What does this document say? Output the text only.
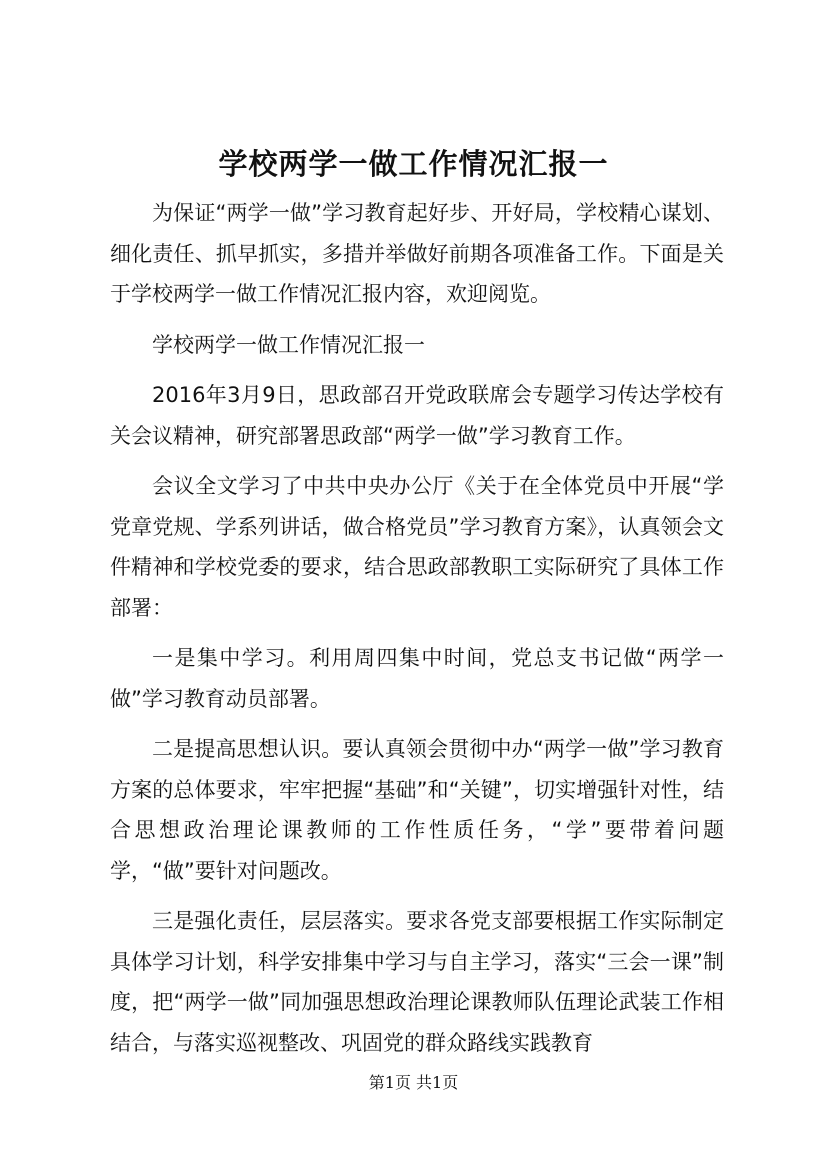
学校两学一做工作情况汇报一

为保证“两学一做”学习教育起好步、开好局，学校精心谋划、细化责任、抓早抓实，多措并举做好前期各项准备工作。下面是关于学校两学一做工作情况汇报内容，欢迎阅览。

学校两学一做工作情况汇报一

2016年3月9日，思政部召开党政联席会专题学习传达学校有关会议精神，研究部署思政部“两学一做”学习教育工作。

会议全文学习了中共中央办公厅《关于在全体党员中开展“学党章党规、学系列讲话，做合格党员”学习教育方案》，认真领会文件精神和学校党委的要求，结合思政部教职工实际研究了具体工作部署：

一是集中学习。利用周四集中时间，党总支书记做“两学一做”学习教育动员部署。

二是提高思想认识。要认真领会贯彻中办“两学一做”学习教育方案的总体要求，牢牢把握“基础”和“关键”，切实增强针对性，结合思想政治理论课教师的工作性质任务，“学”要带着问题学，“做”要针对问题改。

三是强化责任，层层落实。要求各党支部要根据工作实际制定具体学习计划，科学安排集中学习与自主学习，落实“三会一课”制度，把“两学一做”同加强思想政治理论课教师队伍理论武装工作相结合，与落实巡视整改、巩固党的群众路线实践教育

第1页 共1页
